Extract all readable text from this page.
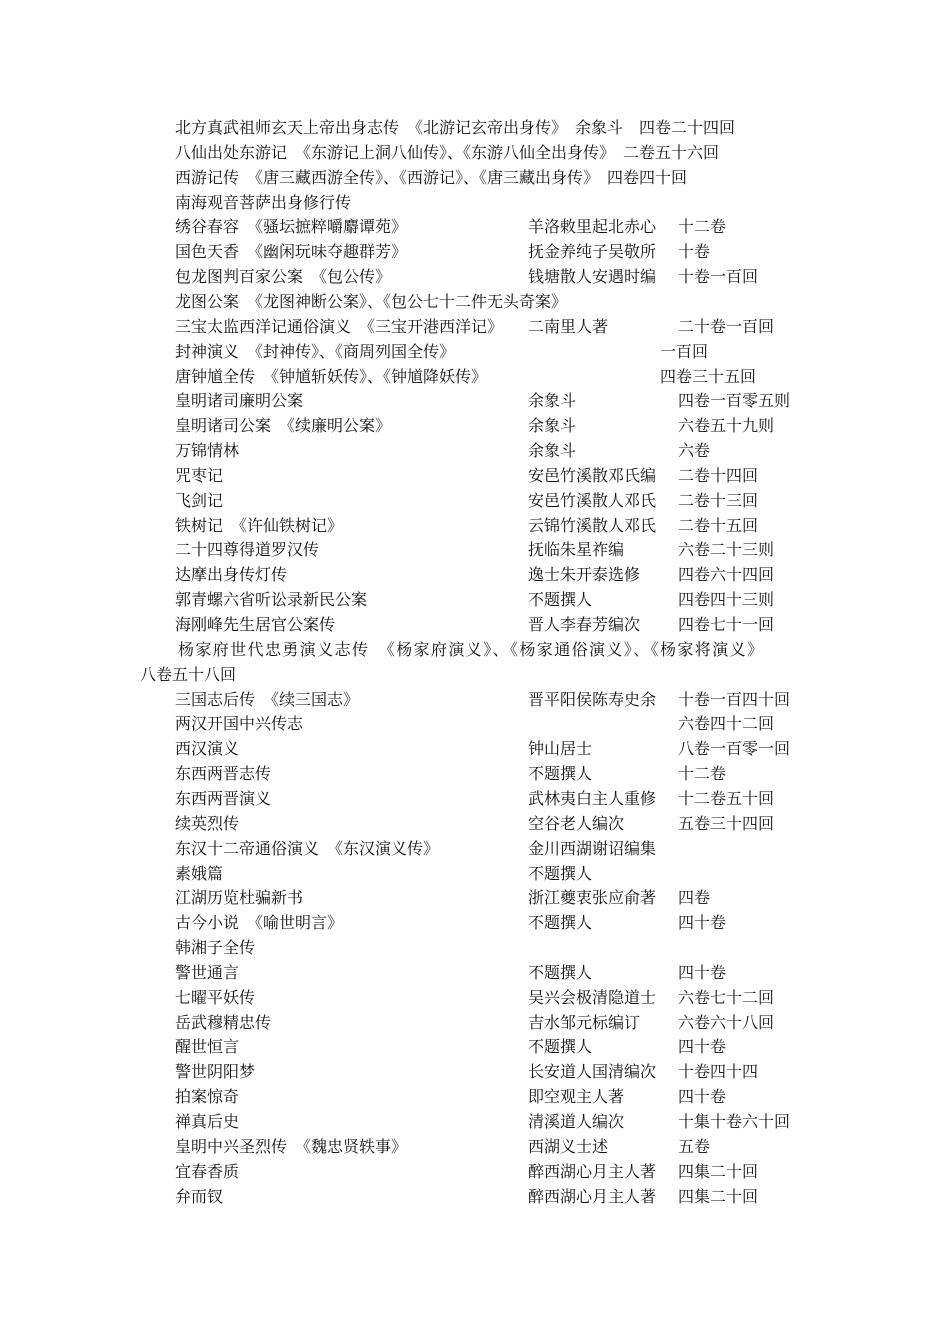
北方真武祖师玄天上帝出身志传　《北游记玄帝出身传》　余象斗　四卷二十四回
八仙出处东游记　《东游记上洞八仙传》、《东游八仙全出身传》　二卷五十六回
西游记传　《唐三藏西游全传》、《西游记》、《唐三藏出身传》　四卷四十回
南海观音菩萨出身修行传
绣谷春容　《骚坛摭粹嚼麝谭苑》	羊洛敕里起北赤心 十二卷
国色天香　《幽闲玩味夺趣群芳》	抚金养纯子吴敬所 十卷
包龙图判百家公案　《包公传》	钱塘散人安遇时编 十卷一百回
龙图公案　《龙图神断公案》、《包公七十二件无头奇案》
三宝太监西洋记通俗演义　《三宝开港西洋记》 二南里人著	二十卷一百回
封神演义　《封神传》、《商周列国全传》	一百回
唐钟馗全传　《钟馗斩妖传》、《钟馗降妖传》	四卷三十五回
皇明诸司廉明公案	余象斗	四卷一百零五则
皇明诸司公案　《续廉明公案》	余象斗	六卷五十九则
万锦情林	余象斗	六卷
咒枣记	安邑竹溪散邓氏编 二卷十四回
飞剑记	安邑竹溪散人邓氏 二卷十三回
铁树记　《许仙铁树记》	云锦竹溪散人邓氏 二卷十五回
二十四尊得道罗汉传	抚临朱星祚编	六卷二十三则
达摩出身传灯传	逸士朱开泰选修 四卷六十四回
郭青螺六省听讼录新民公案	不题撰人	四卷四十三则
海刚峰先生居官公案传	晋人李春芳编次 四卷七十一回
杨家府世代忠勇演义志传　《杨家府演义》、《杨家通俗演义》、《杨家将演义》
八卷五十八回
三国志后传　《续三国志》	晋平阳侯陈寿史余 十卷一百四十回
两汉开国中兴传志	六卷四十二回
西汉演义	钟山居士	八卷一百零一回
东西两晋志传	不题撰人	十二卷
东西两晋演义	武林夷白主人重修 十二卷五十回
续英烈传	空谷老人编次	五卷三十四回
东汉十二帝通俗演义　《东汉演义传》	金川西湖谢诏编集
素娥篇	不题撰人
江湖历览杜骗新书	浙江夔衷张应俞著 四卷
古今小说　《喻世明言》	不题撰人	四十卷
韩湘子全传
警世通言	不题撰人	四十卷
七曜平妖传	吴兴会极清隐道士 六卷七十二回
岳武穆精忠传	吉水邹元标编订 六卷六十八回
醒世恒言	不题撰人	四十卷
警世阴阳梦	长安道人国清编次 十卷四十四
拍案惊奇	即空观主人著	四十卷
禅真后史	清溪道人编次	十集十卷六十回
皇明中兴圣烈传　《魏忠贤轶事》	西湖义士述	五卷
宜春香质	醉西湖心月主人著 四集二十回
弁而钗	醉西湖心月主人著 四集二十回
